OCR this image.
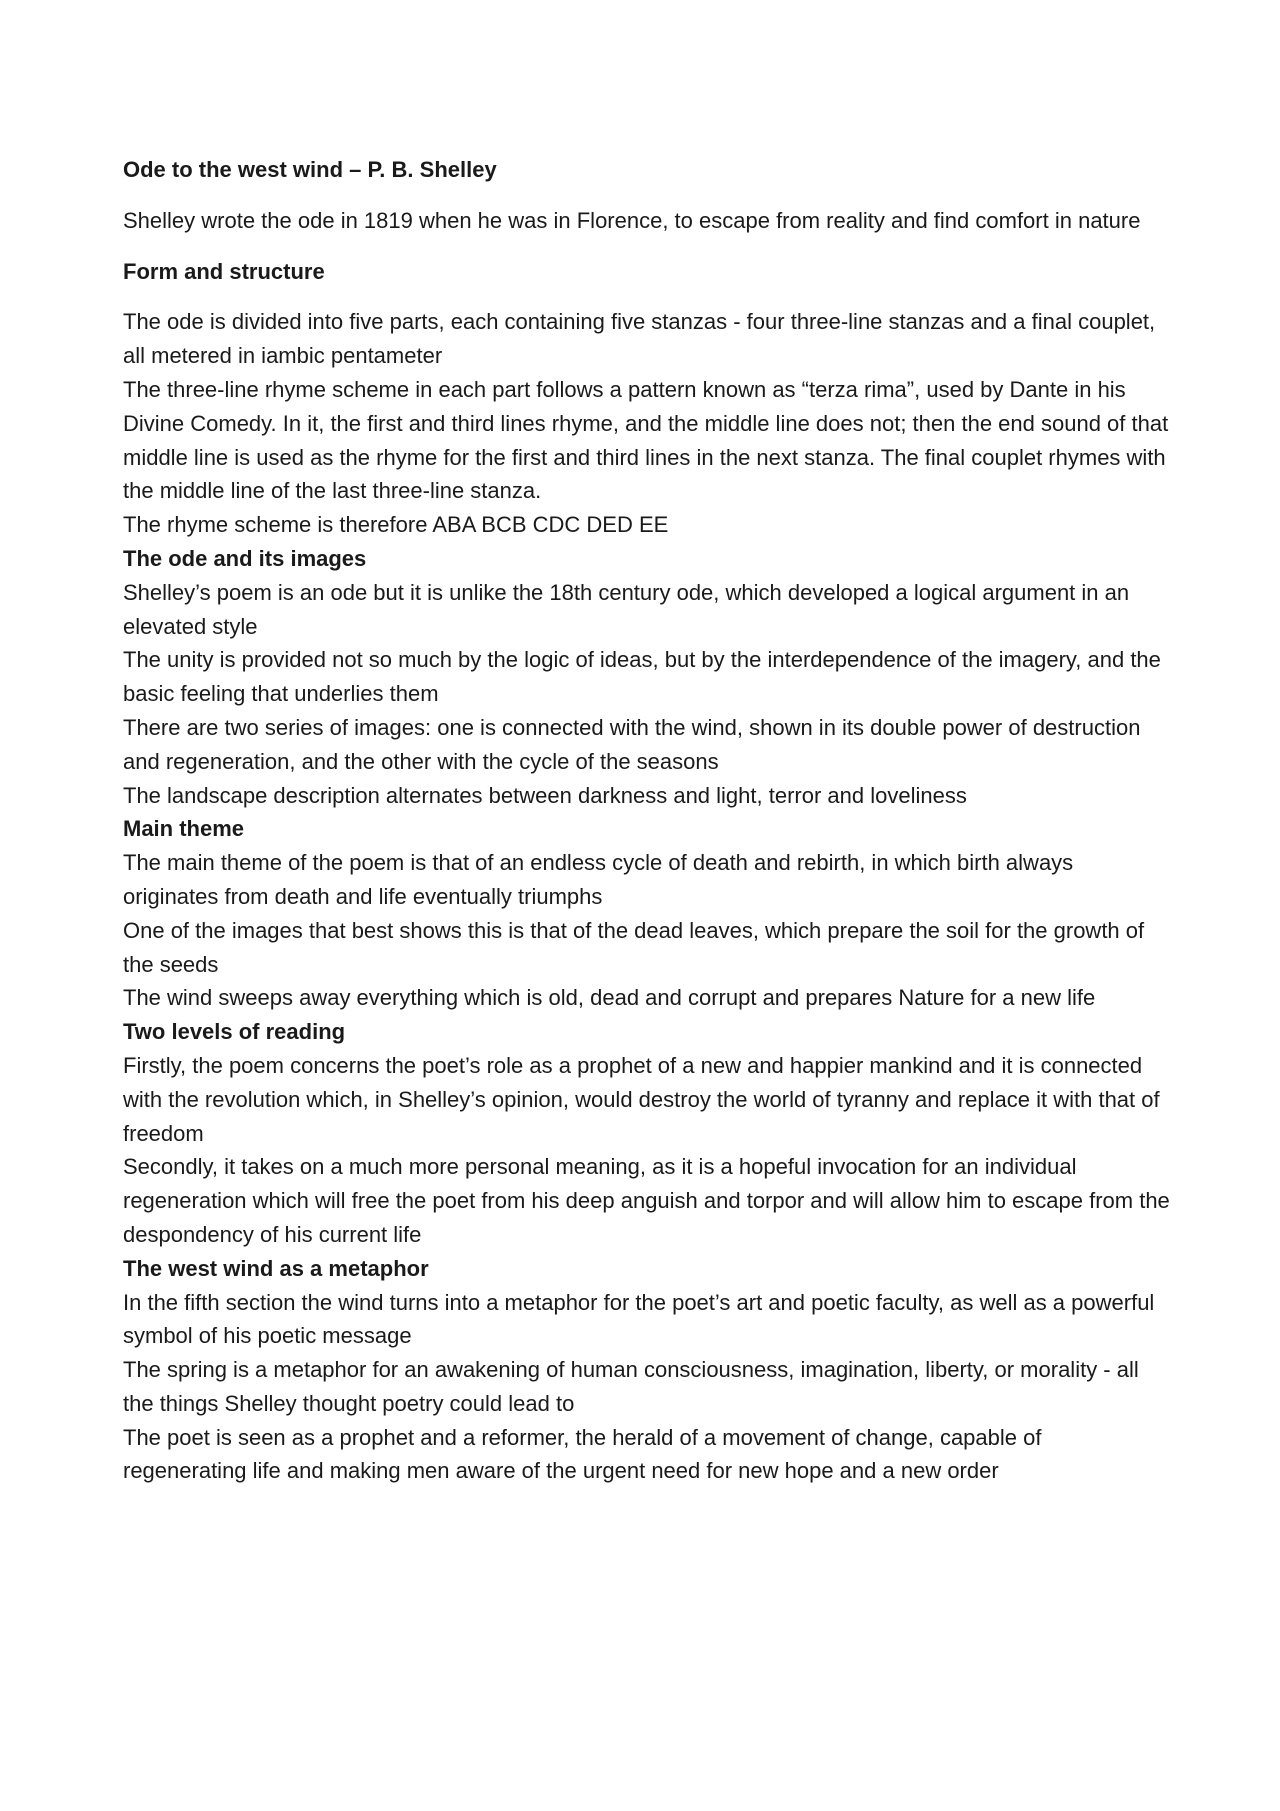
Ode to the west wind – P. B. Shelley

Shelley wrote the ode in 1819 when he was in Florence, to escape from reality and find comfort in nature

Form and structure

The ode is divided into five parts, each containing five stanzas - four three-line stanzas and a final couplet, all metered in iambic pentameter

The three-line rhyme scheme in each part follows a pattern known as “terza rima”, used by Dante in his Divine Comedy. In it, the first and third lines rhyme, and the middle line does not; then the end sound of that middle line is used as the rhyme for the first and third lines in the next stanza. The final couplet rhymes with the middle line of the last three-line stanza.

The rhyme scheme is therefore ABA BCB CDC DED EE

The ode and its images

Shelley’s poem is an ode but it is unlike the 18th century ode, which developed a logical argument in an elevated style

The unity is provided not so much by the logic of ideas, but by the interdependence of the imagery, and the basic feeling that underlies them

There are two series of images: one is connected with the wind, shown in its double power of destruction and regeneration, and the other with the cycle of the seasons

The landscape description alternates between darkness and light, terror and loveliness

Main theme

The main theme of the poem is that of an endless cycle of death and rebirth, in which birth always originates from death and life eventually triumphs

One of the images that best shows this is that of the dead leaves, which prepare the soil for the growth of the seeds

The wind sweeps away everything which is old, dead and corrupt and prepares Nature for a new life

Two levels of reading

Firstly, the poem concerns the poet’s role as a prophet of a new and happier mankind and it is connected with the revolution which, in Shelley’s opinion, would destroy the world of tyranny and replace it with that of freedom

Secondly, it takes on a much more personal meaning, as it is a hopeful invocation for an individual regeneration which will free the poet from his deep anguish and torpor and will allow him to escape from the despondency of his current life

The west wind as a metaphor

In the fifth section the wind turns into a metaphor for the poet’s art and poetic faculty, as well as a powerful symbol of his poetic message

The spring is a metaphor for an awakening of human consciousness, imagination, liberty, or morality - all the things Shelley thought poetry could lead to

The poet is seen as a prophet and a reformer, the herald of a movement of change, capable of regenerating life and making men aware of the urgent need for new hope and a new order
